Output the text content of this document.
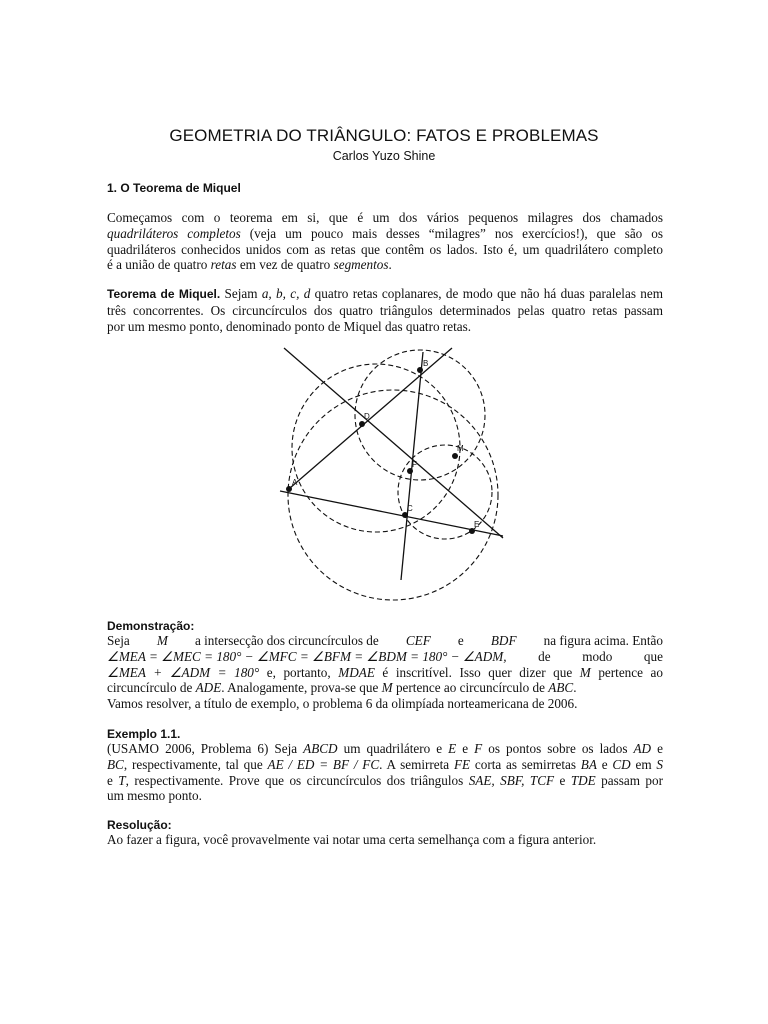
GEOMETRIA DO TRIÂNGULO: FATOS E PROBLEMAS
Carlos Yuzo Shine
1. O Teorema de Miquel
Começamos com o teorema em si, que é um dos vários pequenos milagres dos chamados
quadriláteros completos (veja um pouco mais desses “milagres” nos exercícios!), que são os
quadriláteros conhecidos unidos com as retas que contêm os lados. Isto é, um quadrilátero completo
é a união de quatro retas em vez de quatro segmentos.
Teorema de Miquel. Sejam a, b, c, d quatro retas coplanares, de modo que não há duas paralelas nem
três concorrentes. Os circuncírculos dos quatro triângulos determinados pelas quatro retas passam
por um mesmo ponto, denominado ponto de Miquel das quatro retas.
B
D
M
F
A
C
E
Demonstração:
Seja M a intersecção dos circuncírculos de CEF e BDF na figura acima. Então
∠MEA = ∠MEC = 180° − ∠MFC = ∠BFM = ∠BDM = 180° − ∠ADM, de modo que
∠MEA + ∠ADM = 180° e, portanto, MDAE é inscritível. Isso quer dizer que M pertence ao
circuncírculo de ADE. Analogamente, prova-se que M pertence ao circuncírculo de ABC.
Vamos resolver, a título de exemplo, o problema 6 da olimpíada norteamericana de 2006.
Exemplo 1.1.
(USAMO 2006, Problema 6) Seja ABCD um quadrilátero e E e F os pontos sobre os lados AD e
BC, respectivamente, tal que AE / ED = BF / FC. A semirreta FE corta as semirretas BA e CD em S
e T, respectivamente. Prove que os circuncírculos dos triângulos SAE, SBF, TCF e TDE passam por
um mesmo ponto.
Resolução:
Ao fazer a figura, você provavelmente vai notar uma certa semelhança com a figura anterior.
